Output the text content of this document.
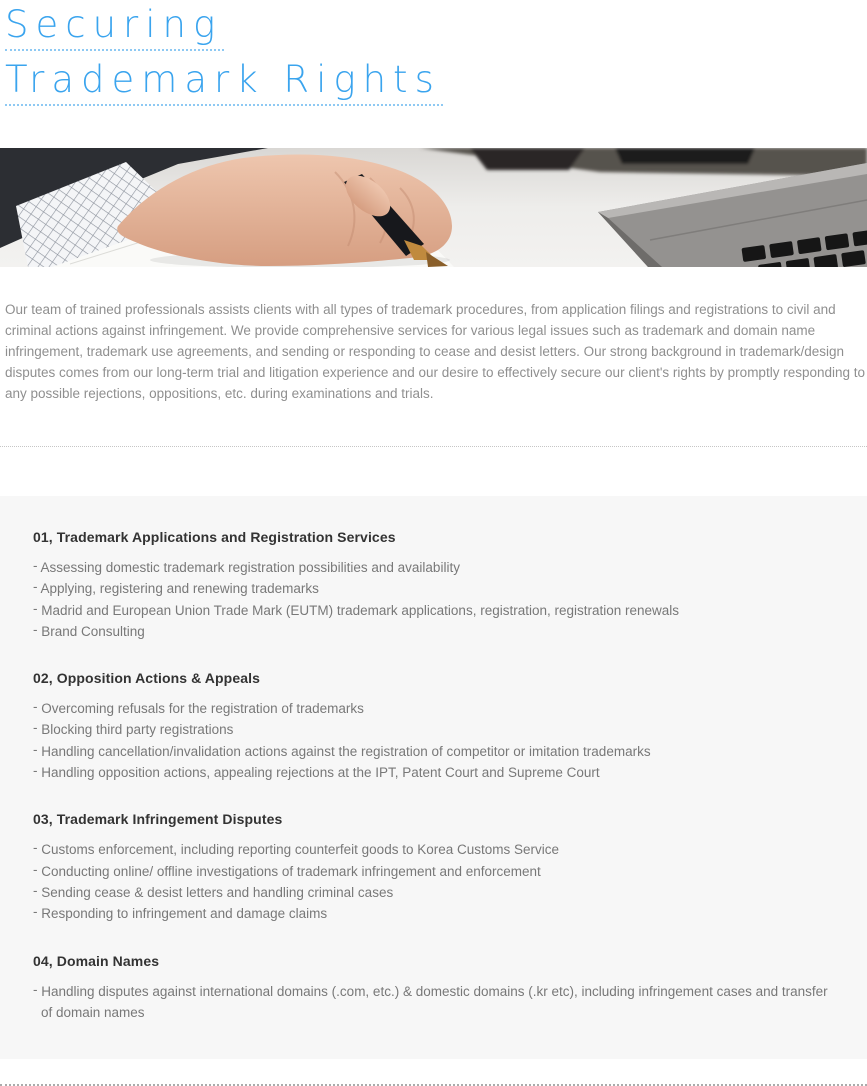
Securing
Trademark Rights

Our team of trained professionals assists clients with all types of trademark procedures, from application filings and registrations to civil and criminal actions against infringement. We provide comprehensive services for various legal issues such as trademark and domain name infringement, trademark use agreements, and sending or responding to cease and desist letters. Our strong background in trademark/design disputes comes from our long-term trial and litigation experience and our desire to effectively secure our client's rights by promptly responding to any possible rejections, oppositions, etc. during examinations and trials.

01, Trademark Applications and Registration Services
- Assessing domestic trademark registration possibilities and availability
- Applying, registering and renewing trademarks
- Madrid and European Union Trade Mark (EUTM) trademark applications, registration, registration renewals
- Brand Consulting
02, Opposition Actions & Appeals
- Overcoming refusals for the registration of trademarks
- Blocking third party registrations
- Handling cancellation/invalidation actions against the registration of competitor or imitation trademarks
- Handling opposition actions, appealing rejections at the IPT, Patent Court and Supreme Court
03, Trademark Infringement Disputes
- Customs enforcement, including reporting counterfeit goods to Korea Customs Service
- Conducting online/ offline investigations of trademark infringement and enforcement
- Sending cease & desist letters and handling criminal cases
- Responding to infringement and damage claims
04, Domain Names
- Handling disputes against international domains (.com, etc.) & domestic domains (.kr etc), including infringement cases and transfer of domain names
